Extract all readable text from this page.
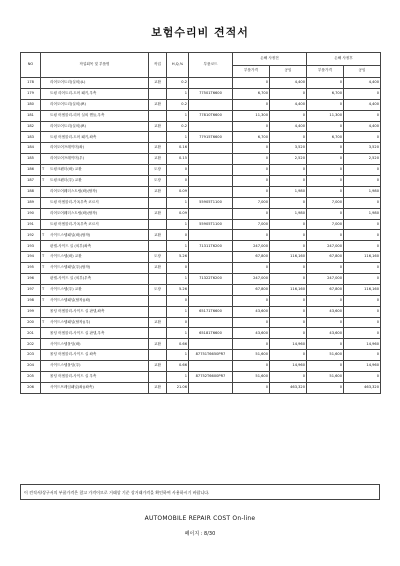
보험수리비 견적서
NO	작업회목 및 부품명	작업	H,Q,%	부품코드	손해 사정전		손해 사정후	
					부품가격	공임	부품가격	공임
178	리어도어트리(실외)(L)	교환	0.2		0	4,400	0	4,400
179	트렁 리어트리-도어 패키,우측		1	77501T6600	6,700	0	6,700	0
180	리어도어트리(실외)(R)	교환	0.2		0	4,400	0	4,400
181	트렁 어셈블리-리어 실외 핸들,우측		1	77810T6600	11,300	0	11,300	0
182	리어도어트리(실외)(R)	교환	0.2		0	4,400	0	4,400
183	트렁 어셈블리-도어 패키,좌측		1	77915T6600	6,700	0	6,700	0
184	리어도어프레이머(좌)	교환	0.16		0	3,520	0	3,520
185	리어도어프레이머(우)	교환	0.15		0	2,520	0	2,520
186	T 트렁크펜더(좌) 교환	도장	0		0	0	0	0
187	T 트렁크펜더(우) 교환	도장	0		0	0	0	0
188	리어도어웨더스트립(좌)(탈착)	교환	0.09		0	1,980	0	1,980
189	트렁 어셈블리-가옥우측 코르셔		1	55905T1100	7,000	0	7,000	0
190	리어도어웨더스트립(좌)(탈착)	교환	0.09		0	1,980	0	1,980
191	트렁 어셈블리-가옥우측 코르셔		1	55905T1100	7,000	0	7,000	0
192	T 사이드스텝패널(좌)(탈착)	교환	0		0	0	0	0
193	판넬-사이드 실 (외부)좌측		1	71311T6200	247,000	0	247,000	0
194	T 사이드스텝(좌) 교환	도장	5.26		67,800	116,160	67,800	116,160
195	T 사이드스텝패널(우)(탈착)	교환	0		0	0	0	0
196	판넬-사이드 실 (외부)우측		1	71322T6200	247,000	0	247,000	0
197	T 사이드스텝(우) 교환	도장	5.26		67,800	116,160	67,800	116,160
198	T 사이드스텝패널(탈착)(좌)		0		0	0	0	0
199	몰딩 어셈블리-사이드 실 판넬,좌측		1	65171T6600	43,600	0	43,600	0
200	T 사이드스텝패널(탈착)(우)	교환	0		0	0	0	0
201	몰딩 어셈블리-사이드 실 판넬,우측		1	65181T6600	43,600	0	43,600	0
202	사이드스텝몰딩(좌)	교환	0.66		0	14,960	0	14,960
203	몰딩 어셈블리-사이드 실 좌측		1	87751T6650PR7	51,600	0	51,600	0
204	사이드스텝몰딩(우)	교환	0.66		0	14,960	0	14,960
205	몰딩 어셈블리-사이드 실 우측		1	87752T6600PR7	51,600	0	51,600	0
206	사이드프레임패널(좌)(좌측)	교환	21.06		0	463,320	0	463,320
이 견적서/상구서의 부품가격은 참고 가격이므로 거래상 기준 상거래가격을 확인하여 사용하시기 바랍니다.
AUTOMOBILE REPAIR COST On-line
페이지 : 8/30
